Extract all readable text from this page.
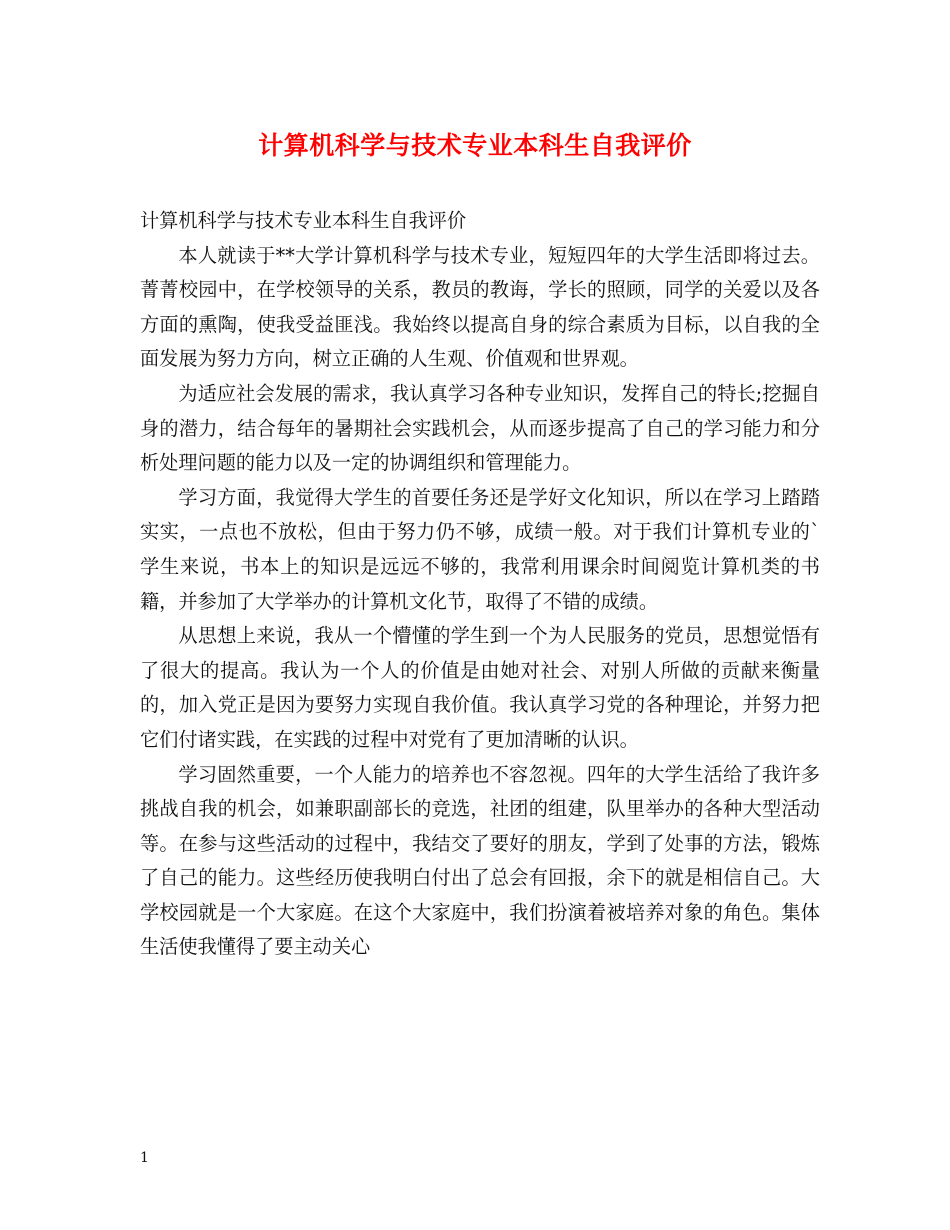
计算机科学与技术专业本科生自我评价

计算机科学与技术专业本科生自我评价

本人就读于**大学计算机科学与技术专业，短短四年的大学生活即将过去。菁菁校园中，在学校领导的关系，教员的教诲，学长的照顾，同学的关爱以及各方面的熏陶，使我受益匪浅。我始终以提高自身的综合素质为目标，以自我的全面发展为努力方向，树立正确的人生观、价值观和世界观。

为适应社会发展的需求，我认真学习各种专业知识，发挥自己的特长;挖掘自身的潜力，结合每年的暑期社会实践机会，从而逐步提高了自己的学习能力和分析处理问题的能力以及一定的协调组织和管理能力。

学习方面，我觉得大学生的首要任务还是学好文化知识，所以在学习上踏踏实实，一点也不放松，但由于努力仍不够，成绩一般。对于我们计算机专业的`学生来说，书本上的知识是远远不够的，我常利用课余时间阅览计算机类的书籍，并参加了大学举办的计算机文化节，取得了不错的成绩。

从思想上来说，我从一个懵懂的学生到一个为人民服务的党员，思想觉悟有了很大的提高。我认为一个人的价值是由她对社会、对别人所做的贡献来衡量的，加入党正是因为要努力实现自我价值。我认真学习党的各种理论，并努力把它们付诸实践，在实践的过程中对党有了更加清晰的认识。

学习固然重要，一个人能力的培养也不容忽视。四年的大学生活给了我许多挑战自我的机会，如兼职副部长的竞选，社团的组建，队里举办的各种大型活动等。在参与这些活动的过程中，我结交了要好的朋友，学到了处事的方法，锻炼了自己的能力。这些经历使我明白付出了总会有回报，余下的就是相信自己。大学校园就是一个大家庭。在这个大家庭中，我们扮演着被培养对象的角色。集体生活使我懂得了要主动关心

1
